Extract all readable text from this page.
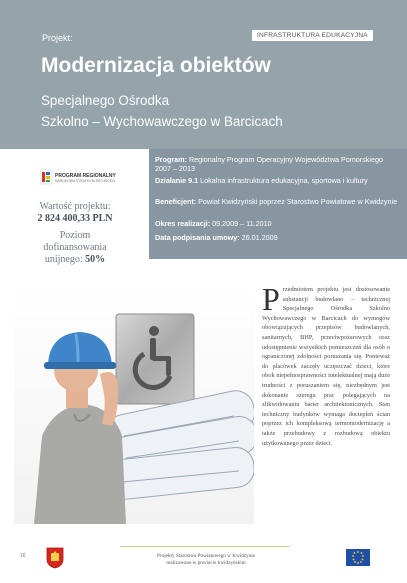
Projekt:	INFRASTRUKTURA EDUKACYJNA
Modernizacja obiektów
Specjalnego Ośrodka
Szkolno – Wychowawczego w Barcicach
Program: Regionalny Program Operacyjny Województwa Pomorskiego 2007 – 2013
Działanie 9.1 Lokalna infrastruktura edukacyjna, sportowa i kultury
Beneficjent: Powiat Kwidzyński poprzez Starostwo Powiatowe w Kwidzynie
Okres realizacji: 09.2009 – 11.2010
Data podpisania umowy: 26.01.2009
PROGRAM REGIONALNY
NARODOWA STRATEGIA SPÓJNOŚCI
Wartość projektu:
2 824 400,33 PLN
Poziom
dofinansowania
unijnego: 50%
P rzedmiotem projektu jest dostosowanie substancji budowlano – technicznej Specjalnego Ośrodka Szkolno Wychowawczego w Barcicach do wymogów obowiązujących przepisów budowlanych, sanitarnych, BHP, przeciwpożarowych oraz udostępnienie wszystkich pomieszczeń dla osób o ograniczonej zdolności poruszania się. Ponieważ do placówek zaczęły uczęszczać dzieci, które obok niepełnosprawności intelektualnej mają duże trudności z poruszaniem się, niezbędnym jest dokonanie szeregu prac polegających na zlikwidowaniu barier architektonicznych. Stan techniczny budynków wymaga dociepleń ścian poprzez ich kompleksową termomodernizację a także przebudowy z rozbudową obiektu użytkowanego przez dzieci.
16	Projekty Starostwa Powiatowego w Kwidzynie
realizowane w powiecie kwidzyńskim
